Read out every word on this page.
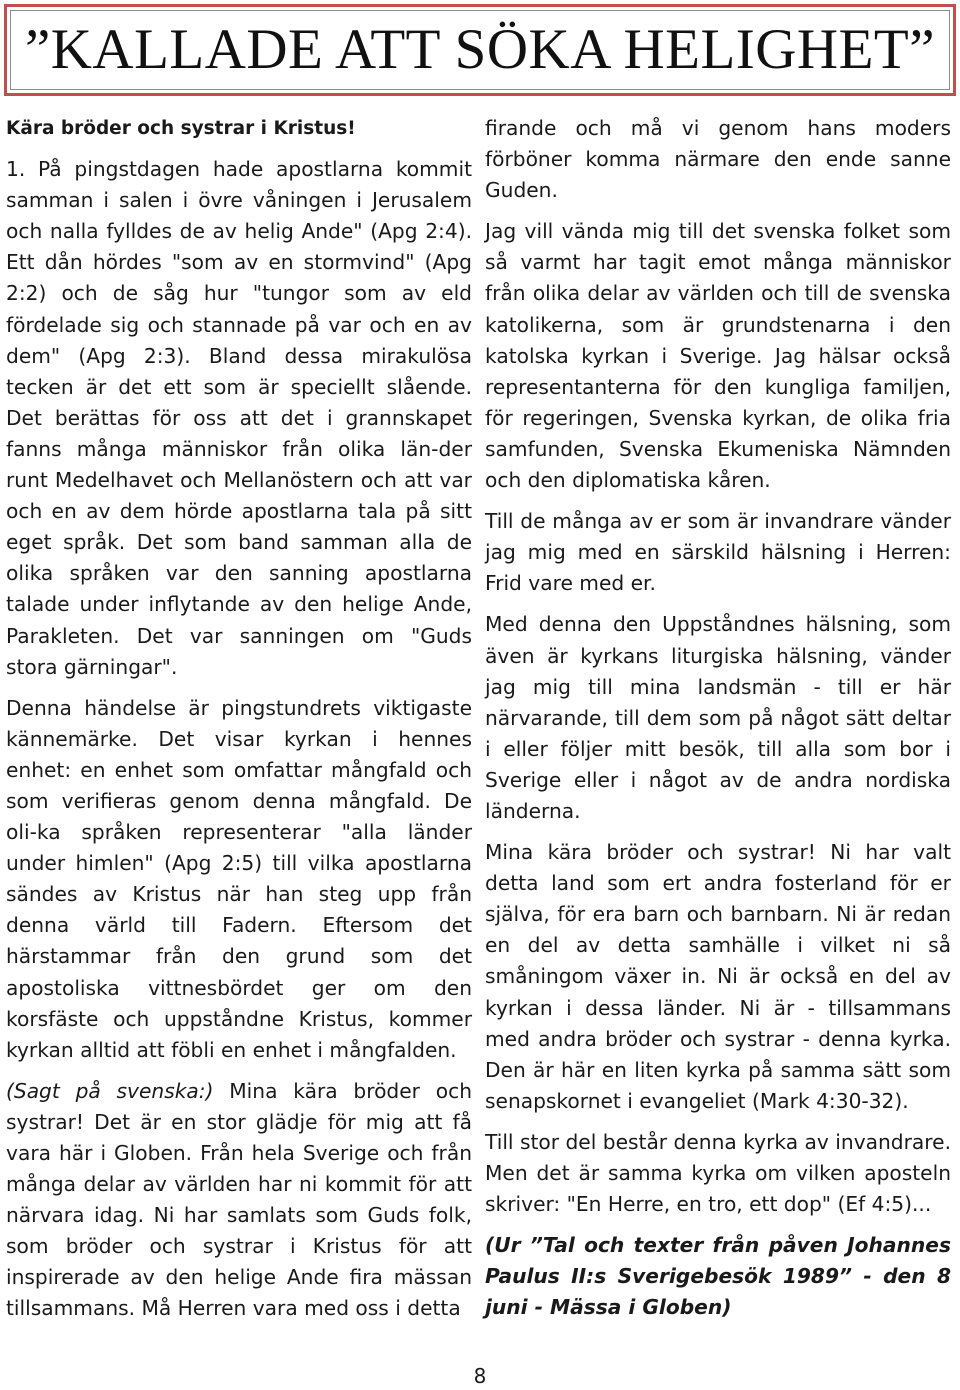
”KALLADE ATT SÖKA HELIGHET”

Kära bröder och systrar i Kristus!

1. På pingstdagen hade apostlarna kommit samman i salen i övre våningen i Jerusalem och nalla fylldes de av helig Ande" (Apg 2:4). Ett dån hördes "som av en stormvind" (Apg 2:2) och de såg hur "tungor som av eld fördelade sig och stannade på var och en av dem" (Apg 2:3). Bland dessa mirakulösa tecken är det ett som är speciellt slående. Det berättas för oss att det i grannskapet fanns många människor från olika län-der runt Medelhavet och Mellanöstern och att var och en av dem hörde apostlarna tala på sitt eget språk. Det som band samman alla de olika språken var den sanning apostlarna talade under inflytande av den helige Ande, Parakleten. Det var sanningen om "Guds stora gärningar".

Denna händelse är pingstundrets viktigaste kännemärke. Det visar kyrkan i hennes enhet: en enhet som omfattar mångfald och som verifieras genom denna mångfald. De oli-ka språken representerar "alla länder under himlen" (Apg 2:5) till vilka apostlarna sändes av Kristus när han steg upp från denna värld till Fadern. Eftersom det härstammar från den grund som det apostoliska vittnesbördet ger om den korsfäste och uppståndne Kristus, kommer kyrkan alltid att föbli en enhet i mångfalden.

(Sagt på svenska:) Mina kära bröder och systrar! Det är en stor glädje för mig att få vara här i Globen. Från hela Sverige och från många delar av världen har ni kommit för att närvara idag. Ni har samlats som Guds folk, som bröder och systrar i Kristus för att inspirerade av den helige Ande fira mässan tillsammans. Må Herren vara med oss i detta

firande och må vi genom hans moders förböner komma närmare den ende sanne Guden.

Jag vill vända mig till det svenska folket som så varmt har tagit emot många människor från olika delar av världen och till de svenska katolikerna, som är grundstenarna i den katolska kyrkan i Sverige. Jag hälsar också representanterna för den kungliga familjen, för regeringen, Svenska kyrkan, de olika fria samfunden, Svenska Ekumeniska Nämnden och den diplomatiska kåren.

Till de många av er som är invandrare vänder jag mig med en särskild hälsning i Herren: Frid vare med er.

Med denna den Uppståndnes hälsning, som även är kyrkans liturgiska hälsning, vänder jag mig till mina landsmän - till er här närvarande, till dem som på något sätt deltar i eller följer mitt besök, till alla som bor i Sverige eller i något av de andra nordiska länderna.

Mina kära bröder och systrar! Ni har valt detta land som ert andra fosterland för er själva, för era barn och barnbarn. Ni är redan en del av detta samhälle i vilket ni så småningom växer in. Ni är också en del av kyrkan i dessa länder. Ni är - tillsammans med andra bröder och systrar - denna kyrka. Den är här en liten kyrka på samma sätt som senapskornet i evangeliet (Mark 4:30-32).

Till stor del består denna kyrka av invandrare. Men det är samma kyrka om vilken aposteln skriver: "En Herre, en tro, ett dop" (Ef 4:5)...

(Ur ”Tal och texter från påven Johannes Paulus II:s Sverigebesök 1989” - den 8 juni - Mässa i Globen)

8
